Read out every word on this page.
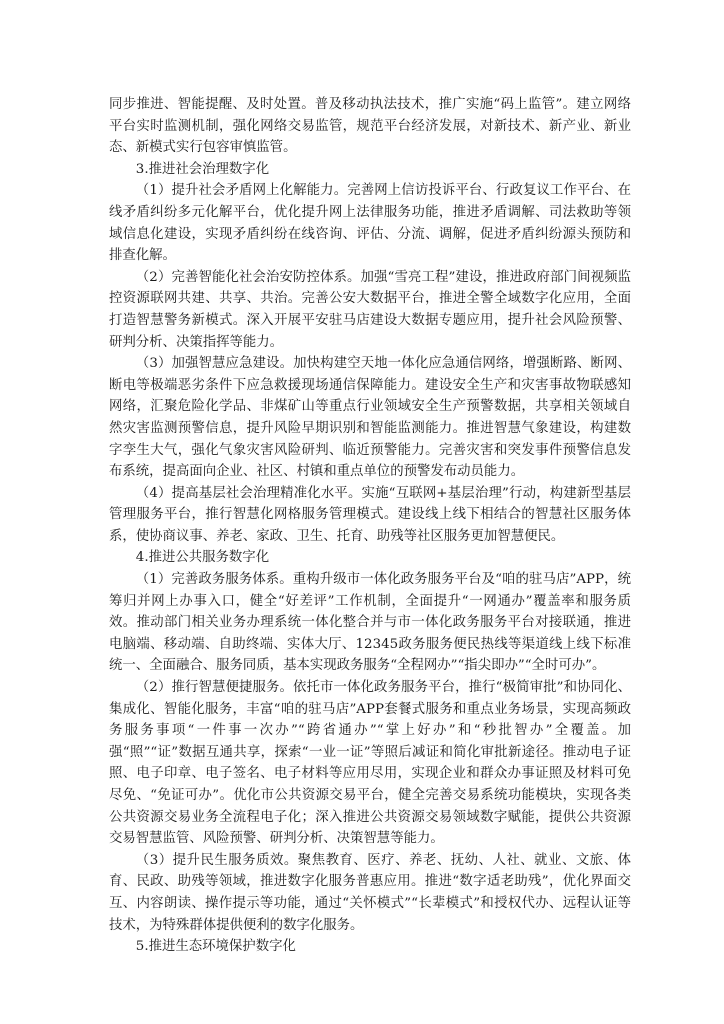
同步推进、智能提醒、及时处置。普及移动执法技术，推广实施“码上监管”。建立网络平台实时监测机制，强化网络交易监管，规范平台经济发展，对新技术、新产业、新业态、新模式实行包容审慎监管。

3.推进社会治理数字化

（1）提升社会矛盾网上化解能力。完善网上信访投诉平台、行政复议工作平台、在线矛盾纠纷多元化解平台，优化提升网上法律服务功能，推进矛盾调解、司法救助等领域信息化建设，实现矛盾纠纷在线咨询、评估、分流、调解，促进矛盾纠纷源头预防和排查化解。

（2）完善智能化社会治安防控体系。加强“雪亮工程”建设，推进政府部门间视频监控资源联网共建、共享、共治。完善公安大数据平台，推进全警全域数字化应用，全面打造智慧警务新模式。深入开展平安驻马店建设大数据专题应用，提升社会风险预警、研判分析、决策指挥等能力。

（3）加强智慧应急建设。加快构建空天地一体化应急通信网络，增强断路、断网、断电等极端恶劣条件下应急救援现场通信保障能力。建设安全生产和灾害事故物联感知网络，汇聚危险化学品、非煤矿山等重点行业领域安全生产预警数据，共享相关领域自然灾害监测预警信息，提升风险早期识别和智能监测能力。推进智慧气象建设，构建数字孪生大气，强化气象灾害风险研判、临近预警能力。完善灾害和突发事件预警信息发布系统，提高面向企业、社区、村镇和重点单位的预警发布动员能力。

（4）提高基层社会治理精准化水平。实施“互联网+基层治理”行动，构建新型基层管理服务平台，推行智慧化网格服务管理模式。建设线上线下相结合的智慧社区服务体系，使协商议事、养老、家政、卫生、托育、助残等社区服务更加智慧便民。

4.推进公共服务数字化

（1）完善政务服务体系。重构升级市一体化政务服务平台及“咱的驻马店”APP，统筹归并网上办事入口，健全“好差评”工作机制，全面提升“一网通办”覆盖率和服务质效。推动部门相关业务办理系统一体化整合并与市一体化政务服务平台对接联通，推进电脑端、移动端、自助终端、实体大厅、12345政务服务便民热线等渠道线上线下标准统一、全面融合、服务同质，基本实现政务服务“全程网办”“指尖即办”“全时可办”。

（2）推行智慧便捷服务。依托市一体化政务服务平台，推行“极简审批”和协同化、集成化、智能化服务，丰富“咱的驻马店”APP套餐式服务和重点业务场景，实现高频政务服务事项“一件事一次办”“跨省通办”“掌上好办”和“秒批智办”全覆盖。加强“照”“证”数据互通共享，探索“一业一证”等照后减证和简化审批新途径。推动电子证照、电子印章、电子签名、电子材料等应用尽用，实现企业和群众办事证照及材料可免尽免、“免证可办”。优化市公共资源交易平台，健全完善交易系统功能模块，实现各类公共资源交易业务全流程电子化；深入推进公共资源交易领域数字赋能，提供公共资源交易智慧监管、风险预警、研判分析、决策智慧等能力。

（3）提升民生服务质效。聚焦教育、医疗、养老、抚幼、人社、就业、文旅、体育、民政、助残等领域，推进数字化服务普惠应用。推进“数字适老助残”，优化界面交互、内容朗读、操作提示等功能，通过“关怀模式”“长辈模式”和授权代办、远程认证等技术，为特殊群体提供便利的数字化服务。

5.推进生态环境保护数字化
